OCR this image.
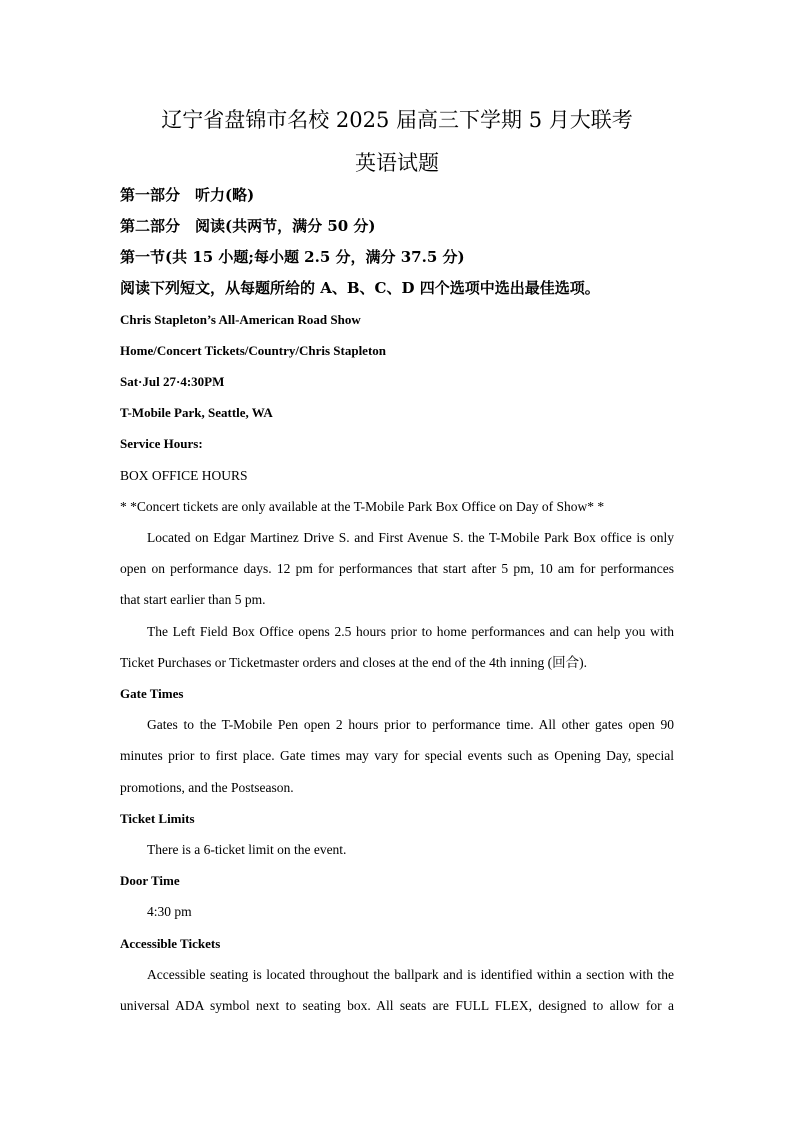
辽宁省盘锦市名校 2025 届高三下学期 5 月大联考
英语试题
第一部分　听力(略)
第二部分　阅读(共两节，满分 50 分)
第一节(共 15 小题;每小题 2.5 分，满分 37.5 分)
阅读下列短文，从每题所给的 A、B、C、D 四个选项中选出最佳选项。
Chris Stapleton’s All-American Road Show
Home/Concert Tickets/Country/Chris Stapleton
Sat·Jul 27·4:30PM
T-Mobile Park, Seattle, WA
Service Hours:
BOX OFFICE HOURS
* *Concert tickets are only available at the T-Mobile Park Box Office on Day of Show* *
Located on Edgar Martinez Drive S. and First Avenue S. the T-Mobile Park Box office is only
open on performance days. 12 pm for performances that start after 5 pm, 10 am for performances
that start earlier than 5 pm.
The Left Field Box Office opens 2.5 hours prior to home performances and can help you with
Ticket Purchases or Ticketmaster orders and closes at the end of the 4th inning (回合).
Gate Times
Gates to the T-Mobile Pen open 2 hours prior to performance time. All other gates open 90
minutes prior to first place. Gate times may vary for special events such as Opening Day, special
promotions, and the Postseason.
Ticket Limits
There is a 6-ticket limit on the event.
Door Time
4:30 pm
Accessible Tickets
Accessible seating is located throughout the ballpark and is identified within a section with the
universal ADA symbol next to seating box. All seats are FULL FLEX, designed to allow for a
